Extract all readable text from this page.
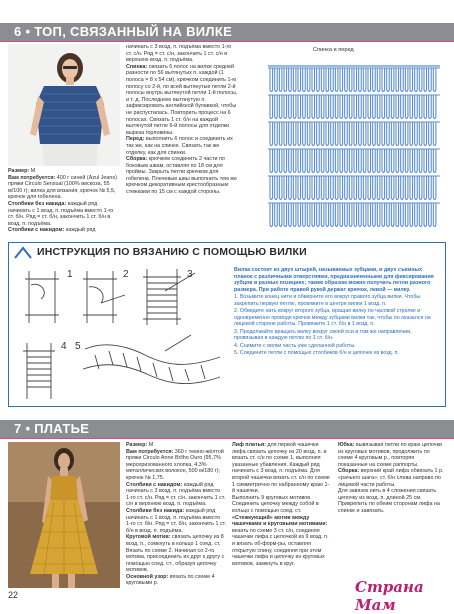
6 • ТОП, СВЯЗАННЫЙ НА ВИЛКЕ

Размер: М

Вам потребуется: 400 г синей (Azul Jeans) пряжи Circulo Sensual (100% вискоза, 55 м/100 г); вилка для вязания, крючок № 5,5, крючок для гобелена.

Столбики без накида: каждый ряд начинать с 1 возд. п. подъёма вместо 1-го ст. б/н. Ряд = ст. б/н, закончить 1 ст. б/н в возд. п. подъёма.

Столбики с накидом: каждый ряд

начинать с 3 возд. п. подъёма вместо 1-го ст. с/н. Ряд = ст. с/н, закончить 1 ст. с/н в верхнюю возд. п. подъёма.

Спинка: связать 6 полос на вилке средней разности по 56 вытянутых п. каждой (1 полоса = 8 х 54 см), крючком соединить 1-ю полосу со 2-й, по всей вытянутые петли 2-й полосы внутрь вытянутой петли 1-й полосы, и т. д. Последнюю вытянутую п. зафиксировать английской булавкой, чтобы не распустилась. Повторить процесс на 6 полосах. Связать 1 ст. б/н на каждой вытянутой петле 6-й полосы для отделки выреза горловины.

Перед: выполнить 6 полос и соединить их так же, как на спинке. Связать так же отделку, как для спинки.

Сборка: крючком соединить 2 части по боковым швам, оставляя по 18 см для проймы. Закрыть петли крючком для гобелена. Плечевые швы выполнить тем же крючком декоративным крестообразным стежками по 15 см с каждой стороны.

Спинка и перед
ИНСТРУКЦИЯ ПО ВЯЗАНИЮ С ПОМОЩЬЮ ВИЛКИ
1	2	3
4 5

Вилка состоит из двух штырей, называемых зубцами, и двух съемных планок с различными отверстиями, предназначенными для фиксирования зубцов в разных позициях; таким образом можно получать петли разного размера. При работе правой рукой держат крючок, левой — вилку.

1. Возьмите конец нити и обверните его вокруг правого зубца вилки. Чтобы закрепить первую петлю, провяжите в центре вилки 1 возд. п.

2. Обведите нить вокруг второго зубца, вращая вилку по часовой стрелке и одновременно проводя крючок между зубцами вилки так, чтобы он оказался на лицевой стороне работы. Провяжите 1 ст. б/н в 1 возд. п.

3. Продолжайте вращать вилку вокруг своей оси в том же направлении, провязывая в каждую петлю по 1 ст. б/н.

4. Снимите с вилки часть уже сделанной работы.

5. Соедините петли с помощью столбиков б/н и цепочек из возд. п.

7 • ПЛАТЬЕ

Размер: М

Вам потребуется: 360 г темно-жёлтой пряжи Circulo Anne Brilho Ouro (95,7% мерсеризованного хлопка, 4,3% металлических волокон, 500 м/180 г); крючок № 1,75.

Столбики с накидом: каждый ряд начинать с 3 возд. п. подъёма вместо 1-го ст. с/н. Ряд = ст. с/н, закончить 1 ст. с/н в верхнюю возд. п. подъёма.

Столбики без накида: каждый ряд начинать с 1 возд. п. подъёма вместо 1-го ст. б/н. Ряд = ст. б/н, закончить 1 ст. б/н в возд. п. подъёма.

Круговой мотив: связать цепочку из 8 возд. п., сомкнуть в кольцо 1 соед. ст. Вязать по схеме 2. Начиная со 2-го мотива, присоединить их друг к другу с помощью соед. ст., образуя цепочку мотивов.

Основной узор: вязать по схеме 4 круговыми р.

Лиф платья: для первой чашечки лифа связать цепочку из 20 возд. п. и вязать ст. с/н по схеме 1, выполняя указанные убавления. Каждый ряд начинать с 3 возд. п. подъёма. Для второй чашечки вязать ст. с/н по схеме 1 симметрично по набранному краю 1-й чашечки.

Выполнить 9 круговых мотивов. Соединить цепочку между собой в кольцо с помощью соед. ст.

«Стежкующий» мотив между чашечками и круговыми мотивами: вязать по схеме 3 ст. с/н, соединяя чашечки лифа с цепочкой из 9 возд. п. и вязать об-форм-ры, оставляя открытую спину, соединяя при этом чашечки лифа и цепочку из круговых мотивов, замкнуть в круг.

Юбка: вывязывая петли по краю цепочки из круговых мотивов, продолжить по схеме 4 круговым р., повторяя показанные на схеме раппорты.

Сборка: верхний край лифа обвязать 1 р. «рачьего шага»: ст. б/н слева направо по лицевой части работы.

Для завязок нить в 4 сложения связать цепочку из возд. п. длиной 25 см. Прикрепить по обеим сторонам лифа на спинке и завязать.

22	Страна Мам
